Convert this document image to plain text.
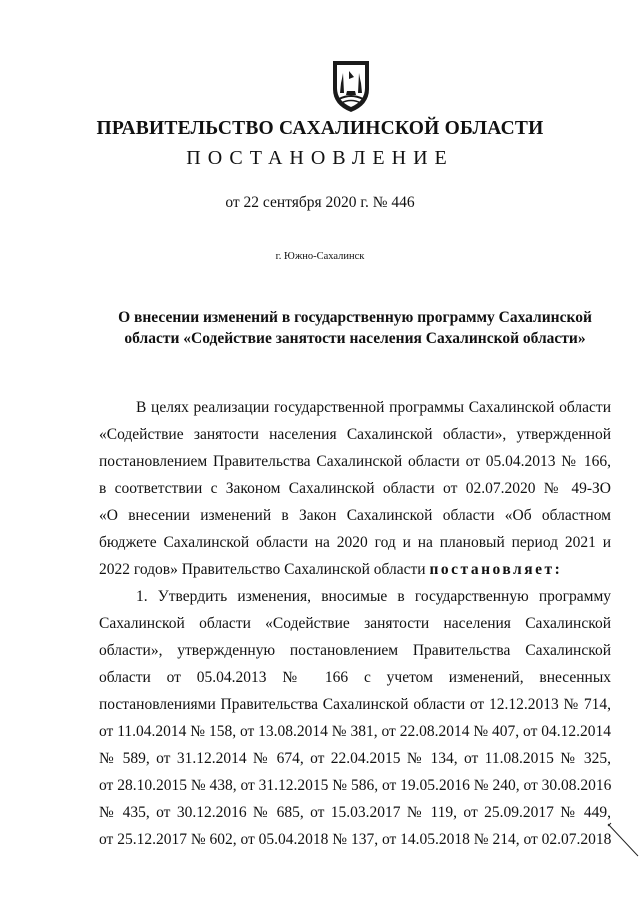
ПРАВИТЕЛЬСТВО САХАЛИНСКОЙ ОБЛАСТИ
ПОСТАНОВЛЕНИЕ
от 22 сентября 2020 г. № 446
г. Южно-Сахалинск
О внесении изменений в государственную программу Сахалинской
области «Содействие занятости населения Сахалинской области»
В целях реализации государственной программы Сахалинской области
«Содействие занятости населения Сахалинской области», утвержденной
постановлением Правительства Сахалинской области от 05.04.2013 № 166,
в соответствии с Законом Сахалинской области от 02.07.2020 № 49-ЗО
«О внесении изменений в Закон Сахалинской области «Об областном
бюджете Сахалинской области на 2020 год и на плановый период 2021 и
2022 годов» Правительство Сахалинской области постановляет:
1. Утвердить изменения, вносимые в государственную программу
Сахалинской области «Содействие занятости населения Сахалинской
области», утвержденную постановлением Правительства Сахалинской
области от 05.04.2013 № 166 с учетом изменений, внесенных
постановлениями Правительства Сахалинской области от 12.12.2013 № 714,
от 11.04.2014 № 158, от 13.08.2014 № 381, от 22.08.2014 № 407, от 04.12.2014
№ 589, от 31.12.2014 № 674, от 22.04.2015 № 134, от 11.08.2015 № 325,
от 28.10.2015 № 438, от 31.12.2015 № 586, от 19.05.2016 № 240, от 30.08.2016
№ 435, от 30.12.2016 № 685, от 15.03.2017 № 119, от 25.09.2017 № 449,
от 25.12.2017 № 602, от 05.04.2018 № 137, от 14.05.2018 № 214, от 02.07.2018
